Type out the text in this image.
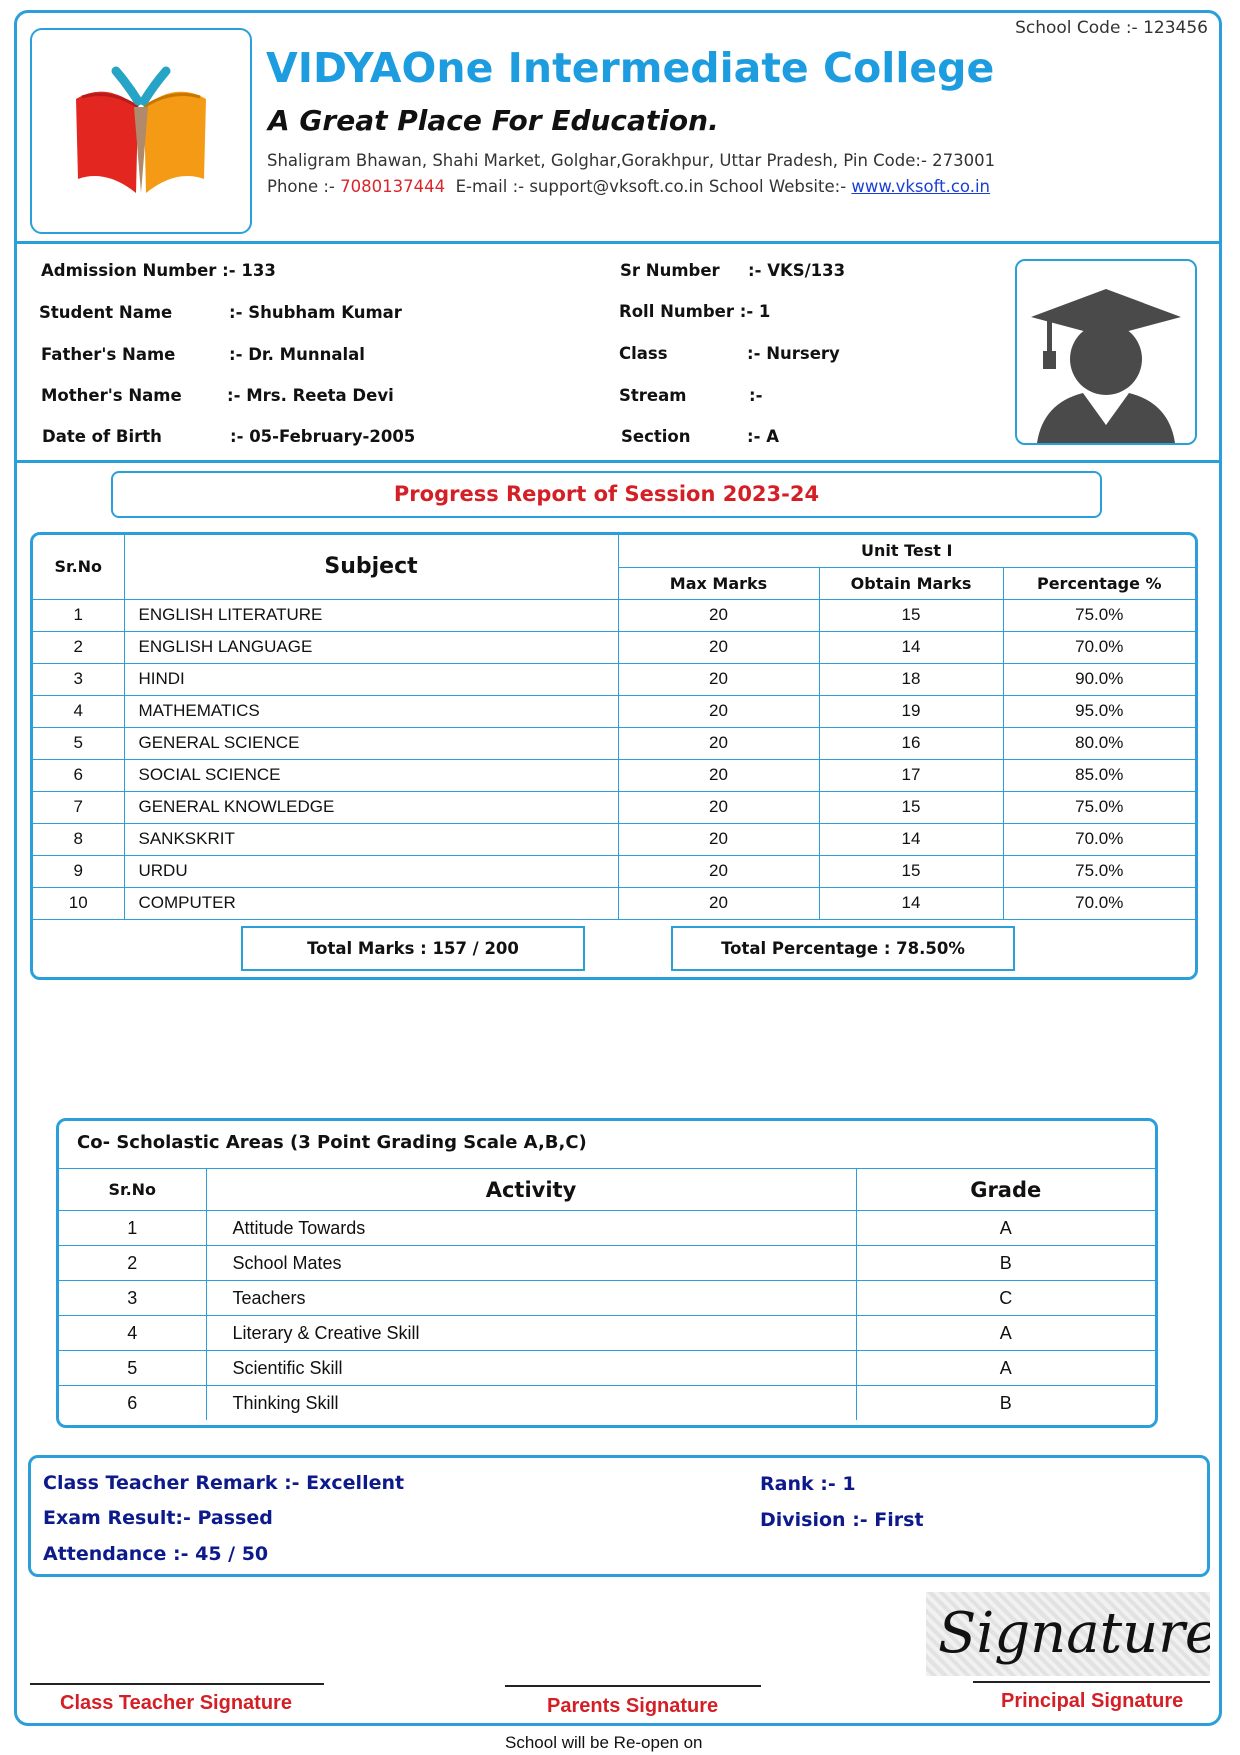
School Code :- 123456
VIDYAOne Intermediate College
A Great Place For Education.
Shaligram Bhawan, Shahi Market, Golghar,Gorakhpur, Uttar Pradesh, Pin Code:- 273001
Phone :- 7080137444  E-mail :- support@vksoft.co.in School Website:- www.vksoft.co.in
Admission Number :- 133
Student Name	:- Shubham Kumar
Father's Name	:- Dr. Munnalal
Mother's Name	:- Mrs. Reeta Devi
Date of Birth	:- 05-February-2005
Sr Number :- VKS/133
Roll Number :- 1
Class	:- Nursery
Stream	:-
Section	:- A
Progress Report of Session 2023-24
Sr.No	Subject	Unit Test I		
		Max Marks	Obtain Marks	Percentage %
1	ENGLISH LITERATURE	20	15	75.0%
2	ENGLISH LANGUAGE	20	14	70.0%
3	HINDI	20	18	90.0%
4	MATHEMATICS	20	19	95.0%
5	GENERAL SCIENCE	20	16	80.0%
6	SOCIAL SCIENCE	20	17	85.0%
7	GENERAL KNOWLEDGE	20	15	75.0%
8	SANKSKRIT	20	14	70.0%
9	URDU	20	15	75.0%
10	COMPUTER	20	14	70.0%
Total Marks : 157 / 200	Total Percentage : 78.50%
Co- Scholastic Areas (3 Point Grading Scale A,B,C)
Sr.No	Activity	Grade
1	Attitude Towards	A
2	School Mates	B
3	Teachers	C
4	Literary & Creative Skill	A
5	Scientific Skill	A
6	Thinking Skill	B
Class Teacher Remark :- Excellent
Exam Result:- Passed
Attendance :- 45 / 50
Rank :- 1
Division :- First
Signature
Class Teacher Signature	Parents Signature	Principal Signature
School will be Re-open on
